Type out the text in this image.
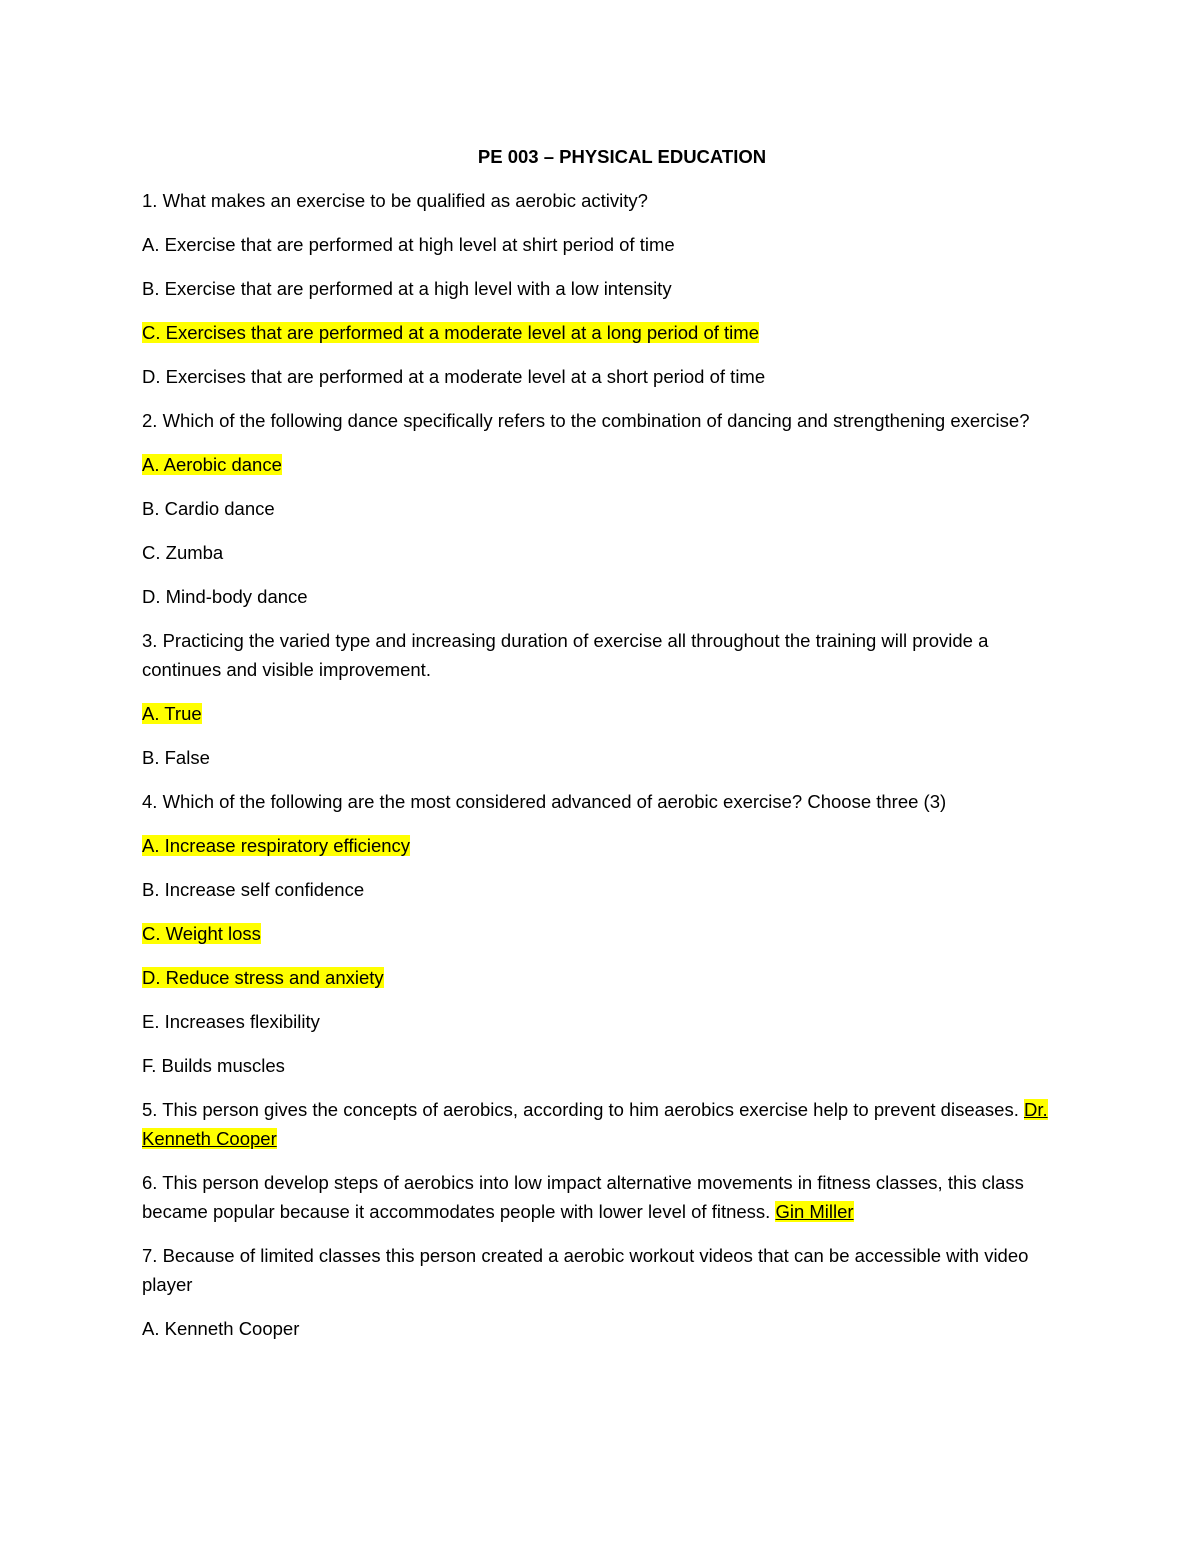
PE 003 – PHYSICAL EDUCATION

1. What makes an exercise to be qualified as aerobic activity?

A. Exercise that are performed at high level at shirt period of time

B. Exercise that are performed at a high level with a low intensity

C. Exercises that are performed at a moderate level at a long period of time

D. Exercises that are performed at a moderate level at a short period of time

2. Which of the following dance specifically refers to the combination of dancing and strengthening exercise?

A. Aerobic dance

B. Cardio dance

C. Zumba

D. Mind-body dance

3. Practicing the varied type and increasing duration of exercise all throughout the training will provide a continues and visible improvement.

A. True

B. False

4. Which of the following are the most considered advanced of aerobic exercise? Choose three (3)

A. Increase respiratory efficiency

B. Increase self confidence

C. Weight loss

D. Reduce stress and anxiety

E. Increases flexibility

F. Builds muscles

5. This person gives the concepts of aerobics, according to him aerobics exercise help to prevent diseases. Dr. Kenneth Cooper

6. This person develop steps of aerobics into low impact alternative movements in fitness classes, this class became popular because it accommodates people with lower level of fitness. Gin Miller

7. Because of limited classes this person created a aerobic workout videos that can be accessible with video player

A. Kenneth Cooper
